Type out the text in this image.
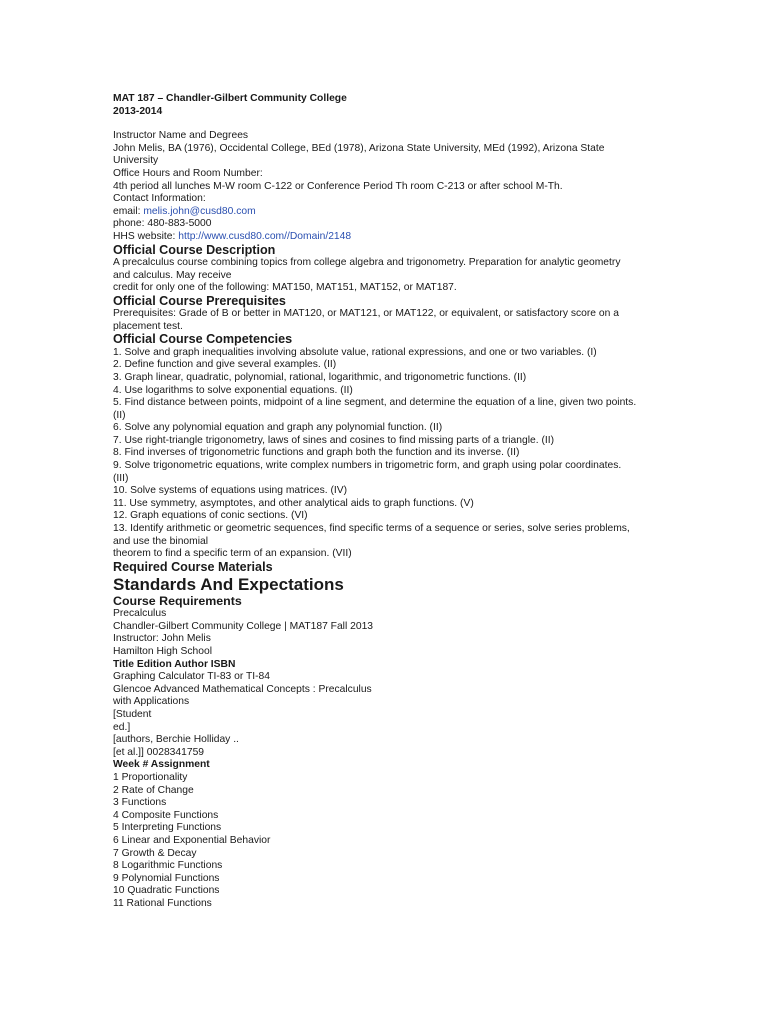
MAT 187 – Chandler-Gilbert Community College
2013-2014
Instructor Name and Degrees
John Melis, BA (1976), Occidental College, BEd (1978), Arizona State University, MEd (1992), Arizona State
University
Office Hours and Room Number:
4th period all lunches M-W room C-122 or Conference Period Th room C-213 or after school M-Th.
Contact Information:
email: melis.john@cusd80.com
phone: 480-883-5000
HHS website: http://www.cusd80.com//Domain/2148
Official Course Description
A precalculus course combining topics from college algebra and trigonometry. Preparation for analytic geometry
and calculus. May receive
credit for only one of the following: MAT150, MAT151, MAT152, or MAT187.
Official Course Prerequisites
Prerequisites: Grade of B or better in MAT120, or MAT121, or MAT122, or equivalent, or satisfactory score on a
placement test.
Official Course Competencies
1. Solve and graph inequalities involving absolute value, rational expressions, and one or two variables. (I)
2. Define function and give several examples. (II)
3. Graph linear, quadratic, polynomial, rational, logarithmic, and trigonometric functions. (II)
4. Use logarithms to solve exponential equations. (II)
5. Find distance between points, midpoint of a line segment, and determine the equation of a line, given two points.
(II)
6. Solve any polynomial equation and graph any polynomial function. (II)
7. Use right-triangle trigonometry, laws of sines and cosines to find missing parts of a triangle. (II)
8. Find inverses of trigonometric functions and graph both the function and its inverse. (II)
9. Solve trigonometric equations, write complex numbers in trigometric form, and graph using polar coordinates.
(III)
10. Solve systems of equations using matrices. (IV)
11. Use symmetry, asymptotes, and other analytical aids to graph functions. (V)
12. Graph equations of conic sections. (VI)
13. Identify arithmetic or geometric sequences, find specific terms of a sequence or series, solve series problems,
and use the binomial
theorem to find a specific term of an expansion. (VII)
Required Course Materials
Standards And Expectations
Course Requirements
Precalculus
Chandler-Gilbert Community College | MAT187 Fall 2013
Instructor: John Melis
Hamilton High School
Title Edition Author ISBN
Graphing Calculator TI-83 or TI-84
Glencoe Advanced Mathematical Concepts : Precalculus
with Applications
[Student
ed.]
[authors, Berchie Holliday ..
[et al.]] 0028341759
Week # Assignment
1 Proportionality
2 Rate of Change
3 Functions
4 Composite Functions
5 Interpreting Functions
6 Linear and Exponential Behavior
7 Growth & Decay
8 Logarithmic Functions
9 Polynomial Functions
10 Quadratic Functions
11 Rational Functions
